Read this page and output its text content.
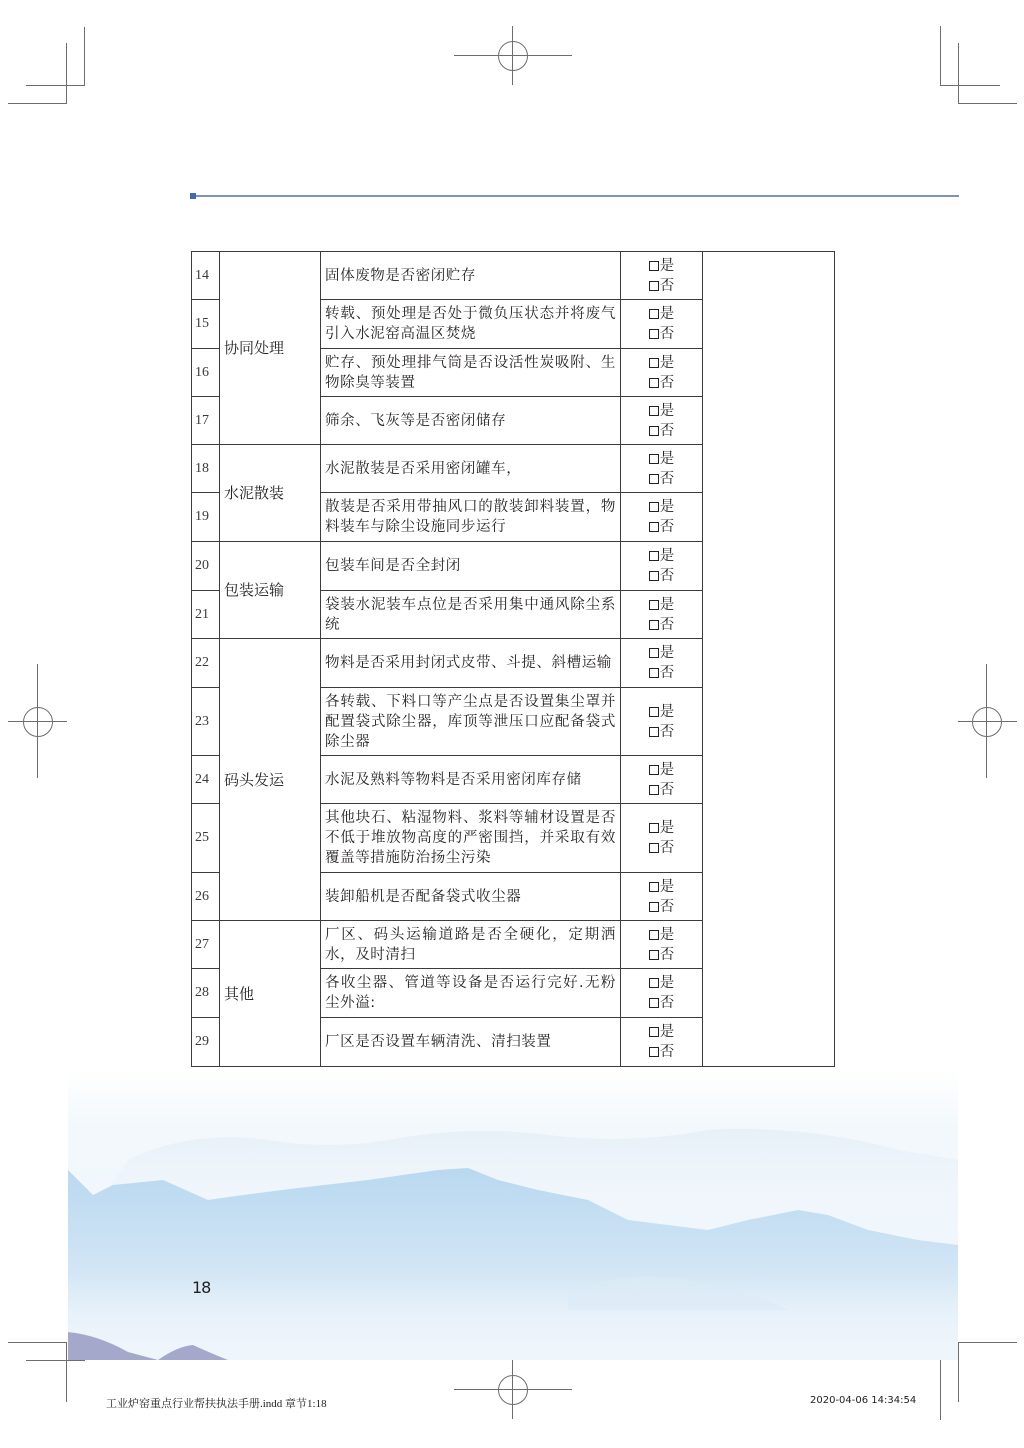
14	协同处理	固体废物是否密闭贮存	是
否	

15		转载、预处理是否处于微负压状态并将废气引入水泥窑高温区焚烧	是
否	

16		贮存、预处理排气筒是否设活性炭吸附、生物除臭等装置	是
否	

17		筛余、飞灰等是否密闭储存	是
否	

18	水泥散装	水泥散装是否采用密闭罐车，	是
否	

19		散装是否采用带抽风口的散装卸料装置，物料装车与除尘设施同步运行	是
否	

20	包装运输	包装车间是否全封闭	是
否	

21		袋装水泥装车点位是否采用集中通风除尘系统	是
否	

22	码头发运	物料是否采用封闭式皮带、斗提、斜槽运输	是
否	

23		各转载、下料口等产尘点是否设置集尘罩并配置袋式除尘器，库顶等泄压口应配备袋式除尘器	是
否	

24		水泥及熟料等物料是否采用密闭库存储	是
否	

25		其他块石、粘湿物料、浆料等辅材设置是否不低于堆放物高度的严密围挡，并采取有效覆盖等措施防治扬尘污染	是
否	

26		装卸船机是否配备袋式收尘器	是
否	

27	其他	厂区、码头运输道路是否全硬化，定期洒水，及时清扫	是
否	

28		各收尘器、管道等设备是否运行完好.无粉尘外溢:	是
否	

29		厂区是否设置车辆清洗、清扫装置	是
否	
18
工业炉窑重点行业帮扶执法手册.indd 章节1:18	2020-04-06 14:34:54
